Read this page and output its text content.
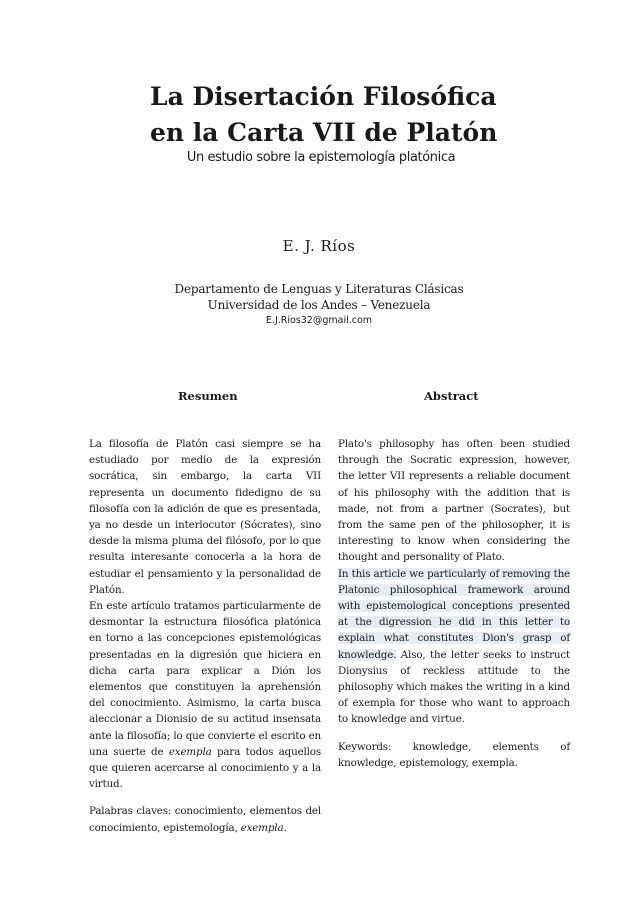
La Disertación Filosófica
en la Carta VII de Platón
Un estudio sobre la epistemología platónica
E. J. Ríos
Departamento de Lenguas y Literaturas Clásicas
Universidad de los Andes – Venezuela
E.J.Rios32@gmail.com
Resumen	Abstract

La filosofía de Platón casi siempre se ha estudiado por medio de la expresión socrática, sin embargo, la carta VII representa un documento fidedigno de su filosofía con la adición de que es presentada, ya no desde un interlocutor (Sócrates), sino desde la misma pluma del filósofo, por lo que resulta interesante conocerla a la hora de estudiar el pensamiento y la personalidad de Platón.

En este artículo tratamos particularmente de desmontar la estructura filosófica platónica en torno a las concepciones epistemológicas presentadas en la digresión que hiciera en dicha carta para explicar a Dión los elementos que constituyen la aprehensión del conocimiento. Asimismo, la carta busca aleccionar a Dionisio de su actitud insensata ante la filosofía; lo que convierte el escrito en una suerte de exempla para todos aquellos que quieren acercarse al conocimiento y a la virtud.

Palabras claves: conocimiento, elementos del conocimiento, epistemología, exempla.

Plato's philosophy has often been studied through the Socratic expression, however, the letter VII represents a reliable document of his philosophy with the addition that is made, not from a partner (Socrates), but from the same pen of the philosopher, it is interesting to know when considering the thought and personality of Plato.

In this article we particularly of removing the Platonic philosophical framework around with epistemological conceptions presented at the digression he did in this letter to explain what constitutes Dion's grasp of knowledge. Also, the letter seeks to instruct Dionysius of reckless attitude to the philosophy which makes the writing in a kind of exempla for those who want to approach to knowledge and virtue.

Keywords: knowledge, elements of knowledge, epistemology, exempla.
